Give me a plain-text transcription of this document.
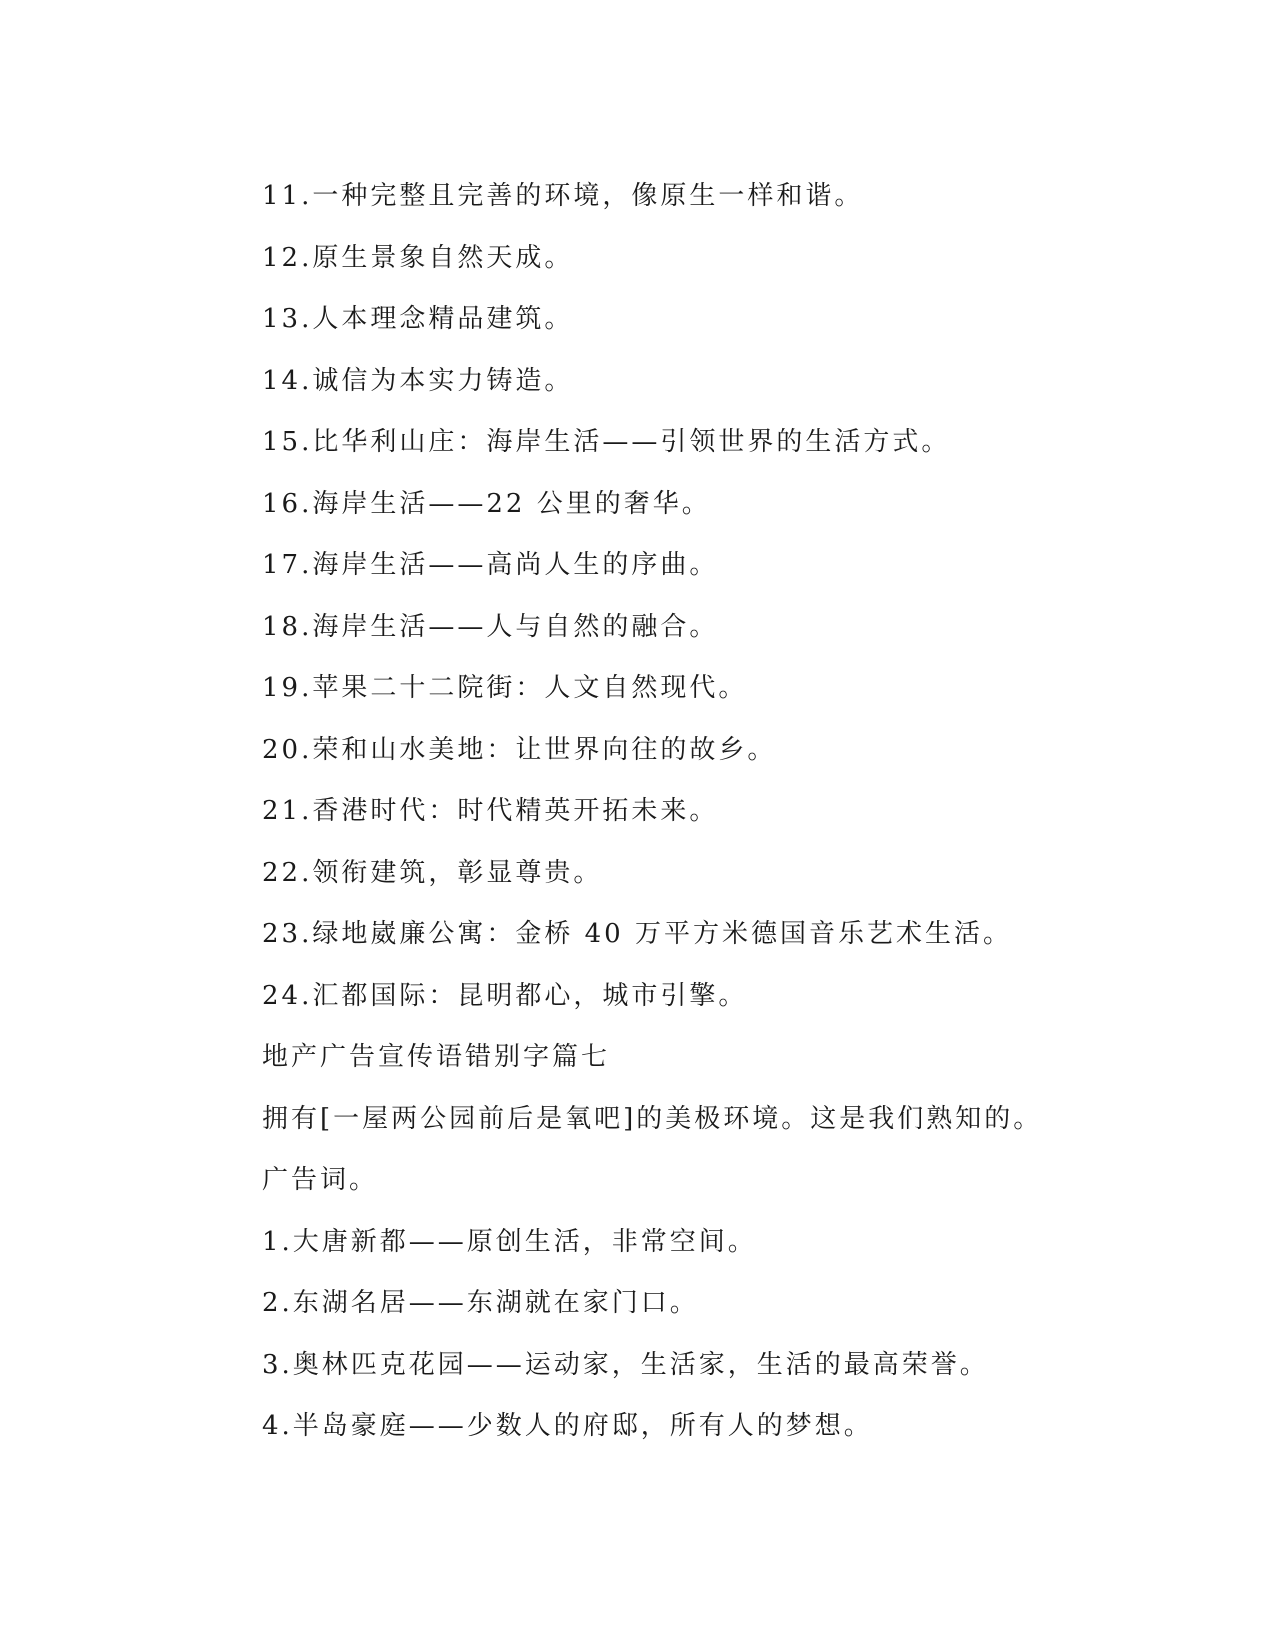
11.一种完整且完善的环境，像原生一样和谐。
12.原生景象自然天成。
13.人本理念精品建筑。
14.诚信为本实力铸造。
15.比华利山庄：海岸生活——引领世界的生活方式。
16.海岸生活——22 公里的奢华。
17.海岸生活——高尚人生的序曲。
18.海岸生活——人与自然的融合。
19.苹果二十二院街：人文自然现代。
20.荣和山水美地：让世界向往的故乡。
21.香港时代：时代精英开拓未来。
22.领衔建筑，彰显尊贵。
23.绿地崴廉公寓：金桥 40 万平方米德国音乐艺术生活。
24.汇都国际：昆明都心，城市引擎。
地产广告宣传语错别字篇七
拥有[一屋两公园前后是氧吧]的美极环境。这是我们熟知的。
广告词。
1.大唐新都——原创生活，非常空间。
2.东湖名居——东湖就在家门口。
3.奥林匹克花园——运动家，生活家，生活的最高荣誉。
4.半岛豪庭——少数人的府邸，所有人的梦想。
